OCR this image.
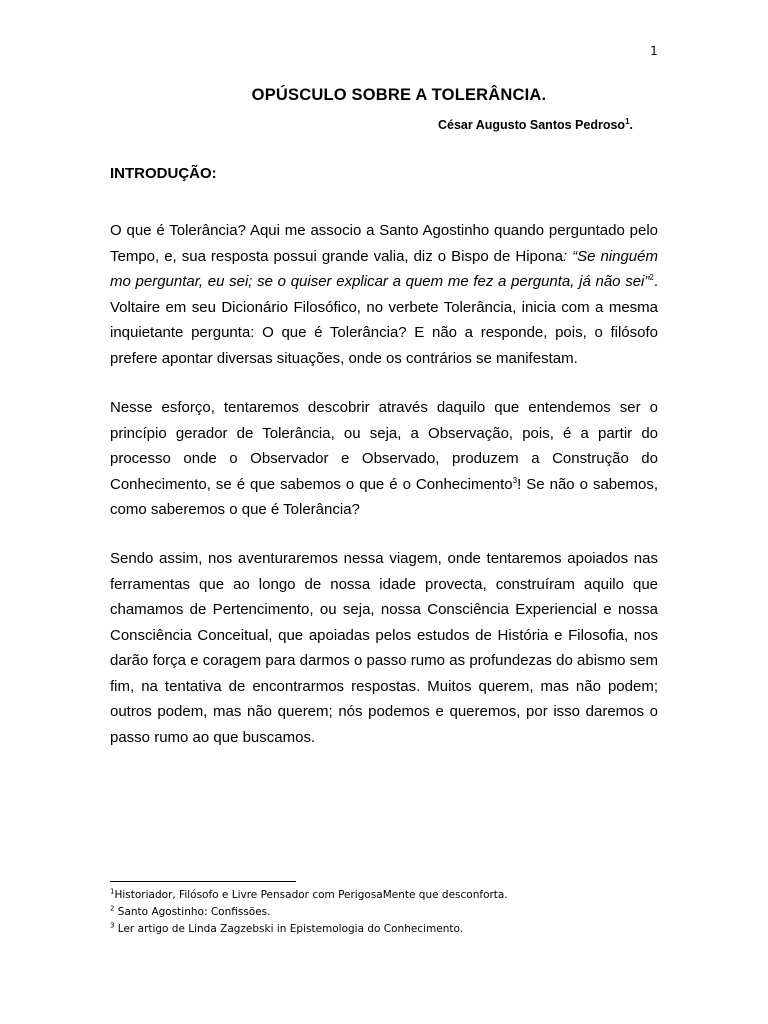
1
OPÚSCULO SOBRE A TOLERÂNCIA.
César Augusto Santos Pedroso$^1$.
INTRODUÇÃO:

O que é Tolerância? Aqui me associo a Santo Agostinho quando perguntado pelo Tempo, e, sua resposta possui grande valia, diz o Bispo de Hipona: “Se ninguém mo perguntar, eu sei; se o quiser explicar a quem me fez a pergunta, já não sei”$^2$. Voltaire em seu Dicionário Filosófico, no verbete Tolerância, inicia com a mesma inquietante pergunta: O que é Tolerância? E não a responde, pois, o filósofo prefere apontar diversas situações, onde os contrários se manifestam.

Nesse esforço, tentaremos descobrir através daquilo que entendemos ser o princípio gerador de Tolerância, ou seja, a Observação, pois, é a partir do processo onde o Observador e Observado, produzem a Construção do Conhecimento, se é que sabemos o que é o Conhecimento$^3$! Se não o sabemos, como saberemos o que é Tolerância?

Sendo assim, nos aventuraremos nessa viagem, onde tentaremos apoiados nas ferramentas que ao longo de nossa idade provecta, construíram aquilo que chamamos de Pertencimento, ou seja, nossa Consciência Experiencial e nossa Consciência Conceitual, que apoiadas pelos estudos de História e Filosofia, nos darão força e coragem para darmos o passo rumo as profundezas do abismo sem fim, na tentativa de encontrarmos respostas. Muitos querem, mas não podem; outros podem, mas não querem; nós podemos e queremos, por isso daremos o passo rumo ao que buscamos.

$^1$Historiador, Filósofo e Livre Pensador com PerigosaMente que desconforta.
$^2$ Santo Agostinho: Confissões.
$^3$ Ler artigo de Linda Zagzebski in Epistemologia do Conhecimento.
